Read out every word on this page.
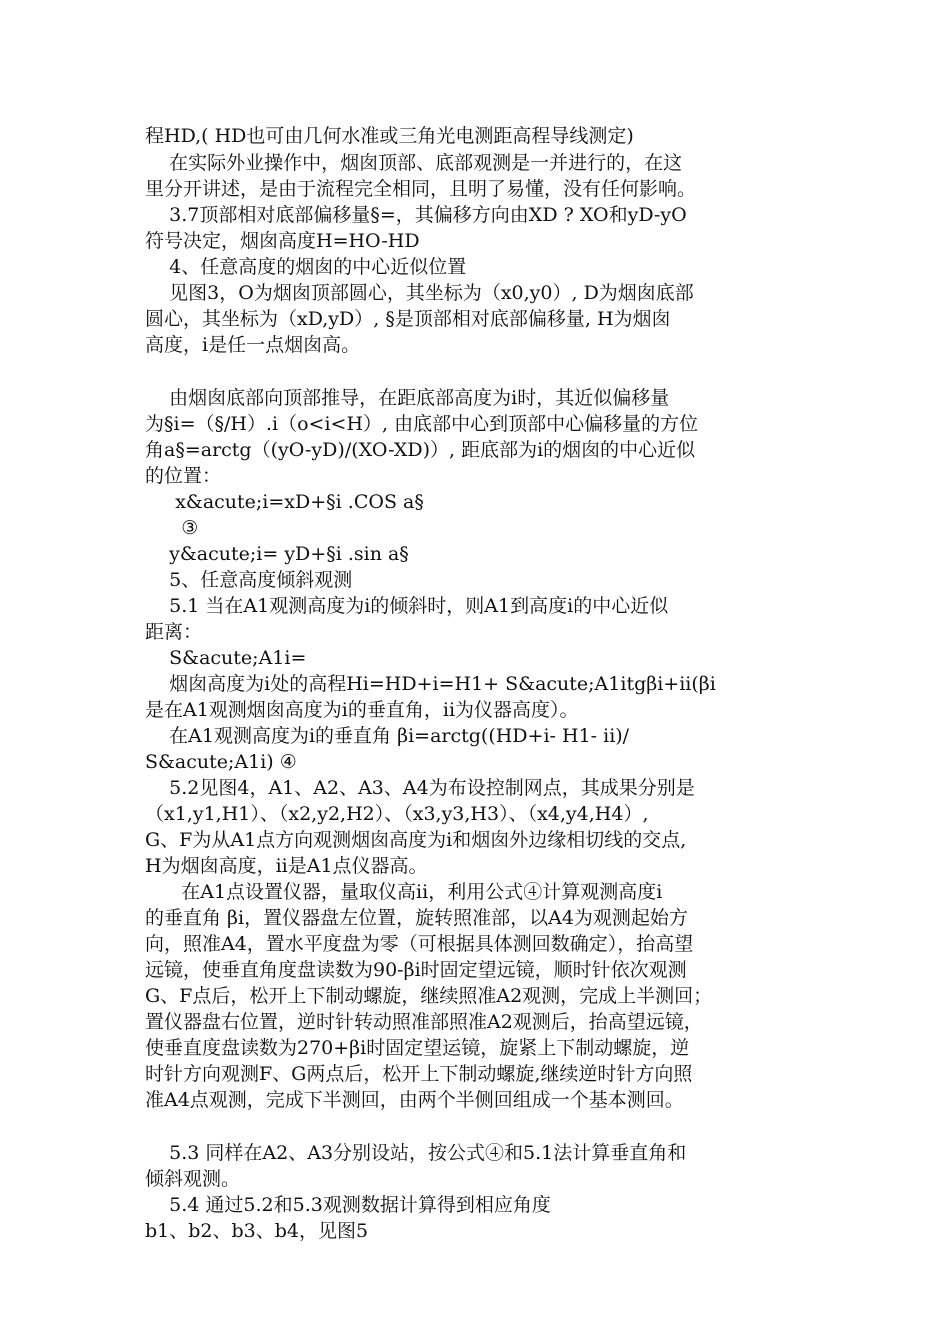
程HD,( HD也可由几何水准或三角光电测距高程导线测定)
在实际外业操作中，烟囱顶部、底部观测是一并进行的，在这
里分开讲述，是由于流程完全相同，且明了易懂，没有任何影响。
3.7顶部相对底部偏移量§=，其偏移方向由XD ? XO和yD-yO
符号决定，烟囱高度H=HO-HD
4、任意高度的烟囱的中心近似位置
见图3，O为烟囱顶部圆心，其坐标为（x0,y0）, D为烟囱底部
圆心，其坐标为（xD,yD）, §是顶部相对底部偏移量, H为烟囱
高度，i是任一点烟囱高。
由烟囱底部向顶部推导，在距底部高度为i时，其近似偏移量
为§i=（§/H）.i（o<i<H）, 由底部中心到顶部中心偏移量的方位
角a§=arctg（(yO-yD)/(XO-XD)）, 距底部为i的烟囱的中心近似
的位置：
x&acute;i=xD+§i .COS a§
③
y&acute;i= yD+§i .sin a§
5、任意高度倾斜观测
5.1 当在A1观测高度为i的倾斜时，则A1到高度i的中心近似
距离：
S&acute;A1i=
烟囱高度为i处的高程Hi=HD+i=H1+ S&acute;A1itgβi+ii(βi
是在A1观测烟囱高度为i的垂直角，ii为仪器高度）。
在A1观测高度为i的垂直角 βi=arctg((HD+i- H1- ii)/
S&acute;A1i) ④
5.2见图4，A1、A2、A3、A4为布设控制网点，其成果分别是
（x1,y1,H1）、（x2,y2,H2）、（x3,y3,H3）、（x4,y4,H4）,
G、F为从A1点方向观测烟囱高度为i和烟囱外边缘相切线的交点,
H为烟囱高度，ii是A1点仪器高。
在A1点设置仪器，量取仪高ii，利用公式④计算观测高度i
的垂直角 βi，置仪器盘左位置，旋转照准部，以A4为观测起始方
向，照准A4，置水平度盘为零（可根据具体测回数确定），抬高望
远镜，使垂直角度盘读数为90-βi时固定望远镜，顺时针依次观测
G、F点后，松开上下制动螺旋，继续照准A2观测，完成上半测回；
置仪器盘右位置，逆时针转动照准部照准A2观测后，抬高望远镜，
使垂直度盘读数为270+βi时固定望运镜，旋紧上下制动螺旋，逆
时针方向观测F、G两点后，松开上下制动螺旋,继续逆时针方向照
准A4点观测，完成下半测回，由两个半侧回组成一个基本测回。
5.3 同样在A2、A3分别设站，按公式④和5.1法计算垂直角和
倾斜观测。
5.4 通过5.2和5.3观测数据计算得到相应角度
b1、b2、b3、b4，见图5
